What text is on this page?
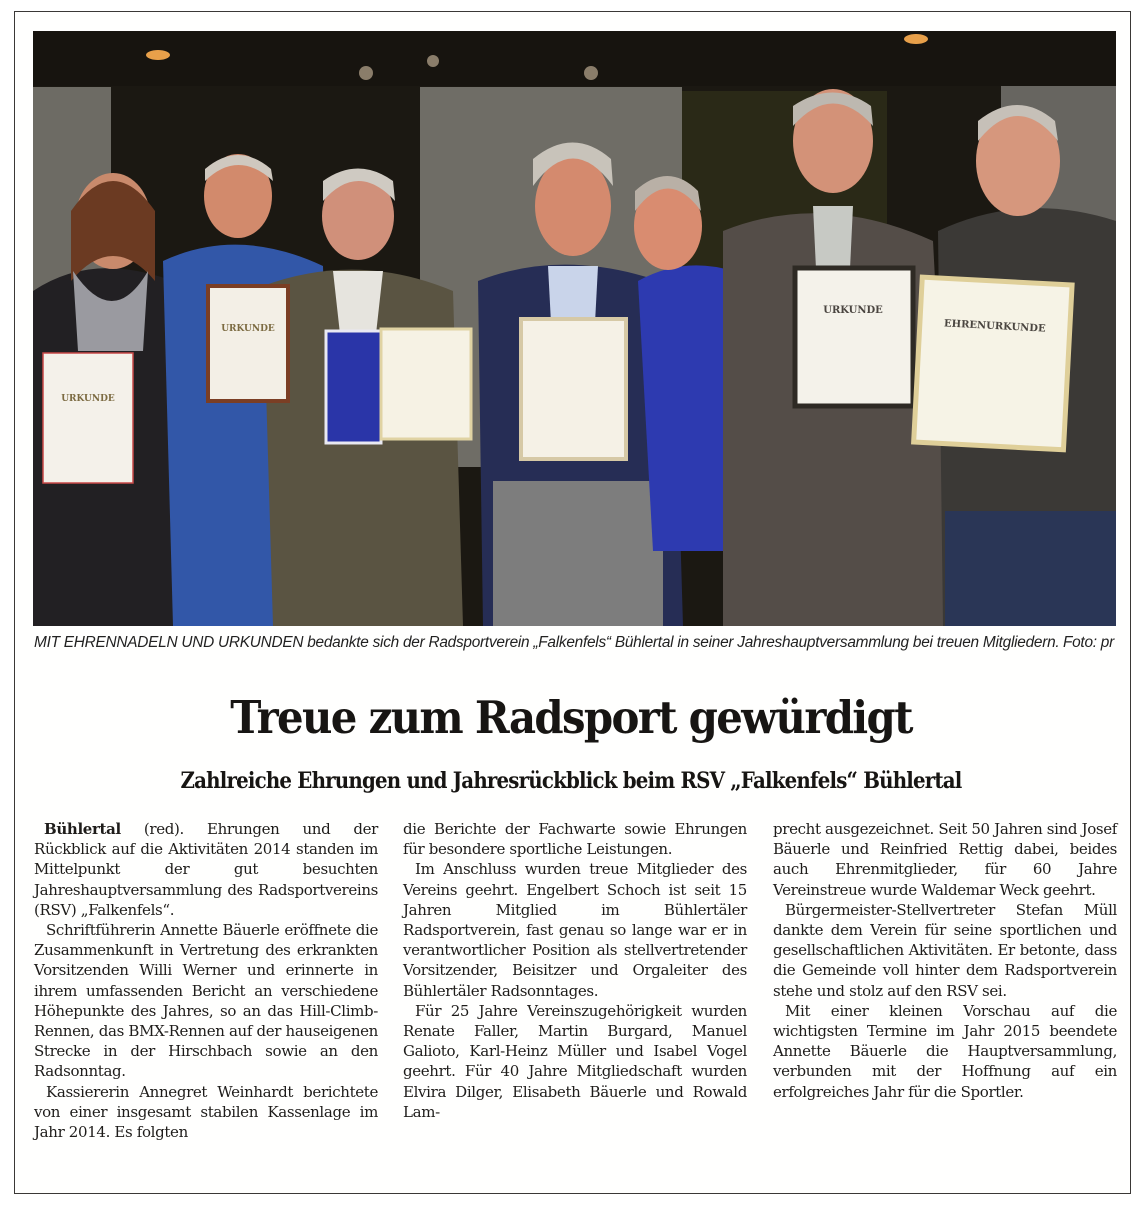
URKUNDE
URKUNDE
URKUNDE
EHRENURKUNDE
MIT EHRENNADELN UND URKUNDEN bedankte sich der Radsportverein „Falkenfels“ Bühlertal in seiner Jahreshauptversammlung bei treuen Mitgliedern. Foto: pr
Treue zum Radsport gewürdigt
Zahlreiche Ehrungen und Jahresrückblick beim RSV „Falkenfels“ Bühlertal

Bühlertal (red). Ehrungen und der Rückblick auf die Aktivitäten 2014 standen im Mittelpunkt der gut besuchten Jahreshauptversammlung des Radsportvereins (RSV) „Falkenfels“.

Schriftführerin Annette Bäuerle eröffnete die Zusammenkunft in Vertretung des erkrankten Vorsitzenden Willi Werner und erinnerte in ihrem umfassenden Bericht an verschiedene Höhepunkte des Jahres, so an das Hill-Climb-Rennen, das BMX-Rennen auf der hauseigenen Strecke in der Hirschbach sowie an den Radsonntag.

Kassiererin Annegret Weinhardt berichtete von einer insgesamt stabilen Kassenlage im Jahr 2014. Es folgten

die Berichte der Fachwarte sowie Ehrungen für besondere sportliche Leistungen.

Im Anschluss wurden treue Mitglieder des Vereins geehrt. Engelbert Schoch ist seit 15 Jahren Mitglied im Bühlertäler Radsportverein, fast genau so lange war er in verantwortlicher Position als stellvertretender Vorsitzender, Beisitzer und Orgaleiter des Bühlertäler Radsonntages.

Für 25 Jahre Vereinszugehörigkeit wurden Renate Faller, Martin Burgard, Manuel Galioto, Karl-Heinz Müller und Isabel Vogel geehrt. Für 40 Jahre Mitgliedschaft wurden Elvira Dilger, Elisabeth Bäuerle und Rowald Lam-

precht ausgezeichnet. Seit 50 Jahren sind Josef Bäuerle und Reinfried Rettig dabei, beides auch Ehrenmitglieder, für 60 Jahre Vereinstreue wurde Waldemar Weck geehrt.

Bürgermeister-Stellvertreter Stefan Müll dankte dem Verein für seine sportlichen und gesellschaftlichen Aktivitäten. Er betonte, dass die Gemeinde voll hinter dem Radsportverein stehe und stolz auf den RSV sei.

Mit einer kleinen Vorschau auf die wichtigsten Termine im Jahr 2015 beendete Annette Bäuerle die Hauptversammlung, verbunden mit der Hoffnung auf ein erfolgreiches Jahr für die Sportler.
